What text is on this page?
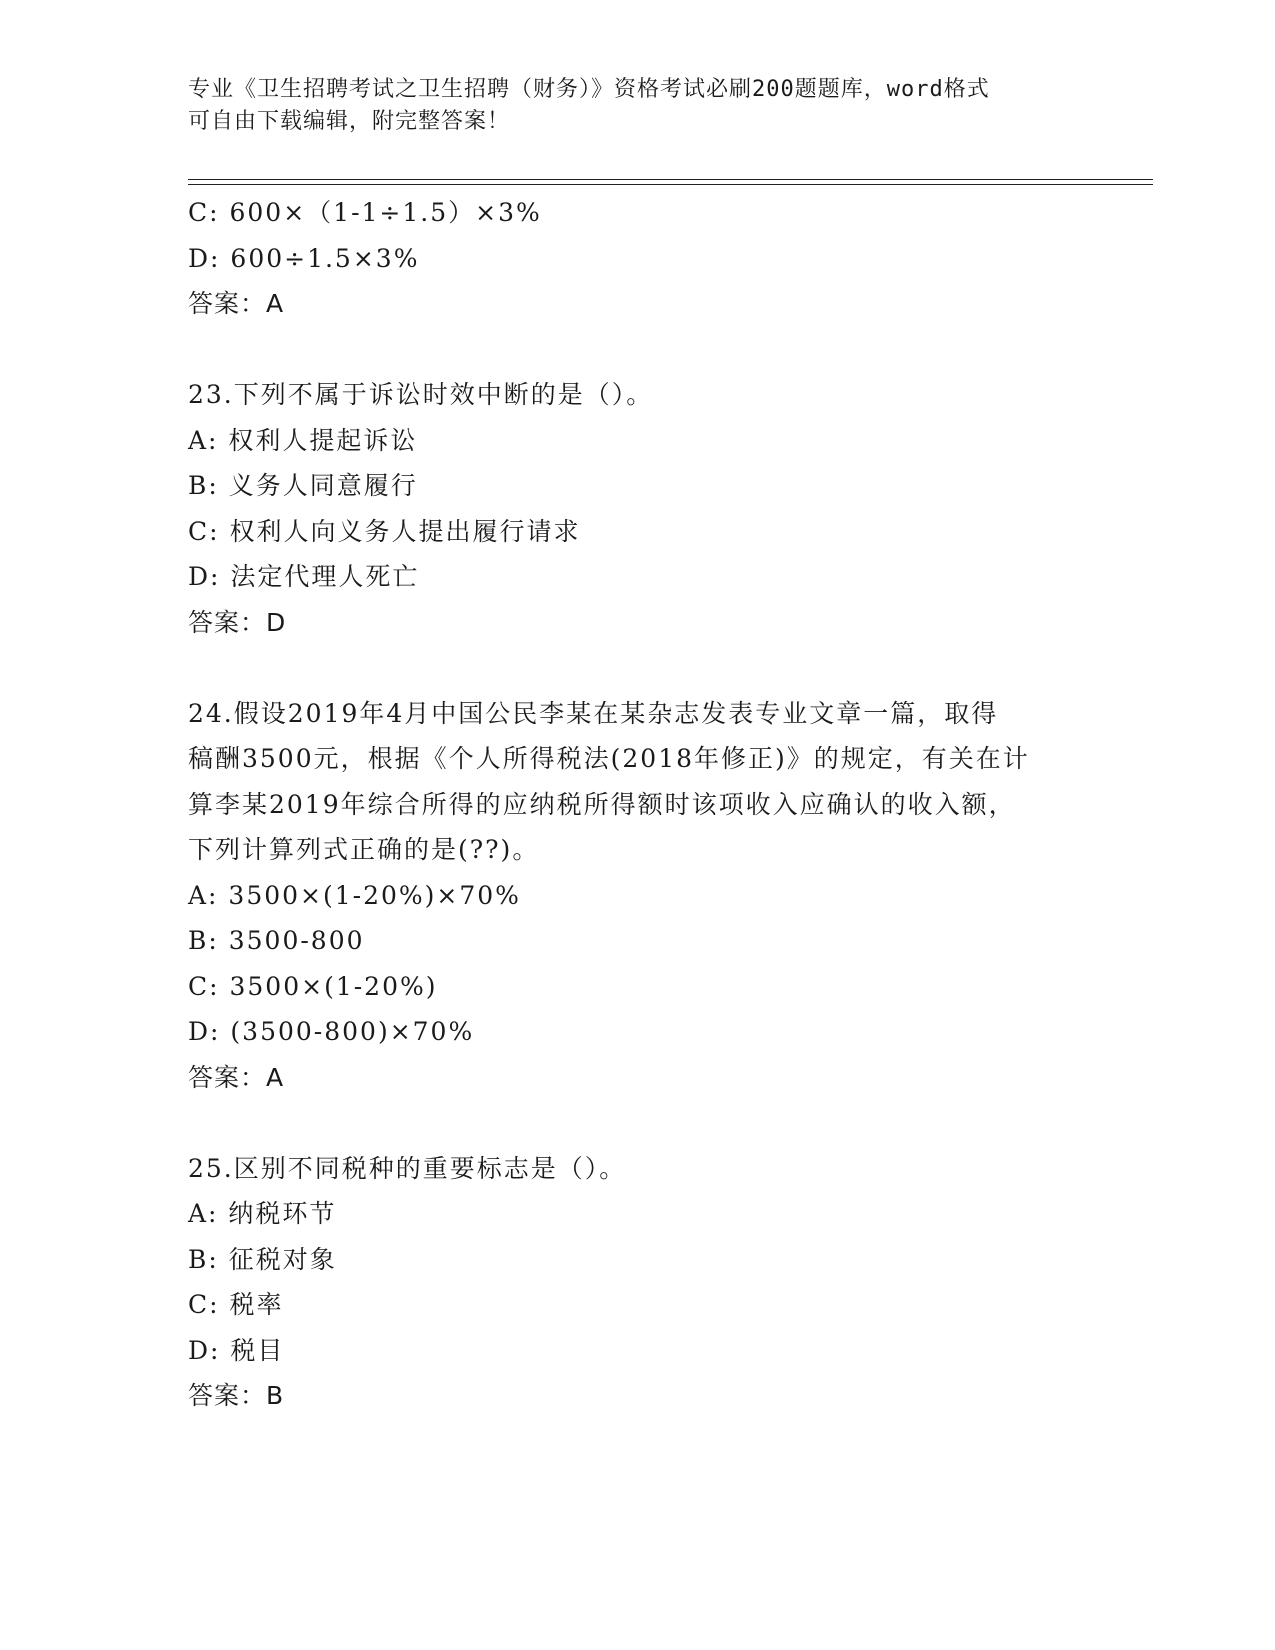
专业《卫生招聘考试之卫生招聘（财务）》资格考试必刷200题题库，word格式
可自由下载编辑，附完整答案！
C: 600×（1-1÷1.5）×3%
D: 600÷1.5×3%
答案：A
23.下列不属于诉讼时效中断的是（）。
A: 权利人提起诉讼
B: 义务人同意履行
C: 权利人向义务人提出履行请求
D: 法定代理人死亡
答案：D
24.假设2019年4月中国公民李某在某杂志发表专业文章一篇，取得
稿酬3500元，根据《个人所得税法(2018年修正)》的规定，有关在计
算李某2019年综合所得的应纳税所得额时该项收入应确认的收入额，
下列计算列式正确的是(??)。
A: 3500×(1-20%)×70%
B: 3500-800
C: 3500×(1-20%)
D: (3500-800)×70%
答案：A
25.区别不同税种的重要标志是（）。
A: 纳税环节
B: 征税对象
C: 税率
D: 税目
答案：B
